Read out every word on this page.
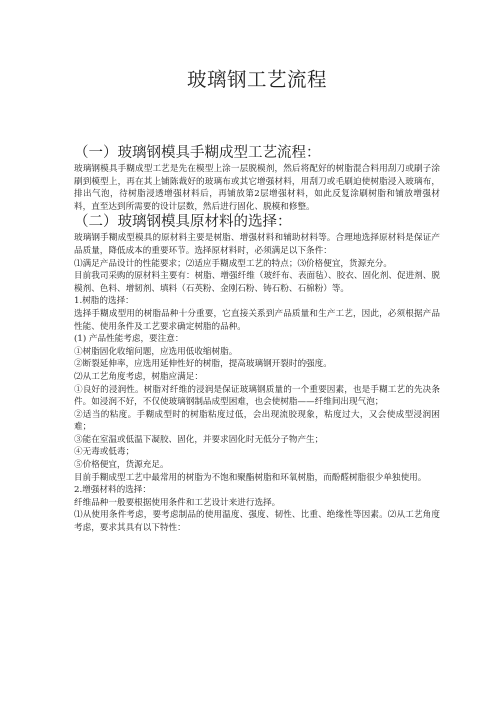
玻璃钢工艺流程
（一）玻璃钢模具手糊成型工艺流程：

玻璃钢模具手糊成型工艺是先在模型上涂一层脱模剂，然后将配好的树脂混合料用刮刀或刷子涂刷到模型上，再在其上铺陈裁好的玻璃布或其它增强材料，用刮刀或毛刷迫使树脂浸入玻璃布，排出气泡，待树脂浸透增强材料后，再铺放第2层增强材料，如此反复涂刷树脂和铺放增强材料，直至达到所需要的设计层数，然后进行固化、脱模和修整。

（二）玻璃钢模具原材料的选择：

玻璃钢手糊成型模具的原材料主要是树脂、增强材料和辅助材料等。合理地选择原材料是保证产品质量，降低成本的重要环节。选择原材料时，必须满足以下条件：

⑴满足产品设计的性能要求；⑵适应手糊成型工艺的特点；⑶价格便宜，货源充分。

目前我司采购的原材料主要有：树脂、增强纤维（玻纤布、表面毡）、胶衣、固化剂、促进剂、脱模剂、色料、增韧剂、填料（石英粉、金刚石粉、铸石粉、石棉粉）等。

1.树脂的选择：

选择手糊成型用的树脂品种十分重要，它直接关系到产品质量和生产工艺，因此，必须根据产品性能、使用条件及工艺要求确定树脂的品种。

(1) 产品性能考虑，要注意：

①树脂固化收缩问题，应选用低收缩树脂。

②断裂延伸率，应选用延伸性好的树脂，提高玻璃钢开裂时的强度。

⑵从工艺角度考虑，树脂应满足：

①良好的浸润性。树脂对纤维的浸润是保证玻璃钢质量的一个重要因素，也是手糊工艺的先决条件。如浸润不好，不仅使玻璃钢制品成型困难，也会使树脂——纤维间出现气泡；

②适当的粘度。手糊成型时的树脂粘度过低，会出现流胶现象，粘度过大，又会使成型浸润困难；

③能在室温或低温下凝胶、固化，并要求固化时无低分子物产生；

④无毒或低毒；

⑤价格便宜，货源充足。

目前手糊成型工艺中最常用的树脂为不饱和聚酯树脂和环氧树脂，而酚醛树脂很少单独使用。

2.增强材料的选择：

纤维品种一般要根据使用条件和工艺设计来进行选择。

⑴从使用条件考虑，要考虑制品的使用温度、强度、韧性、比重、绝缘性等因素。⑵从工艺角度考虑，要求其具有以下特性：
